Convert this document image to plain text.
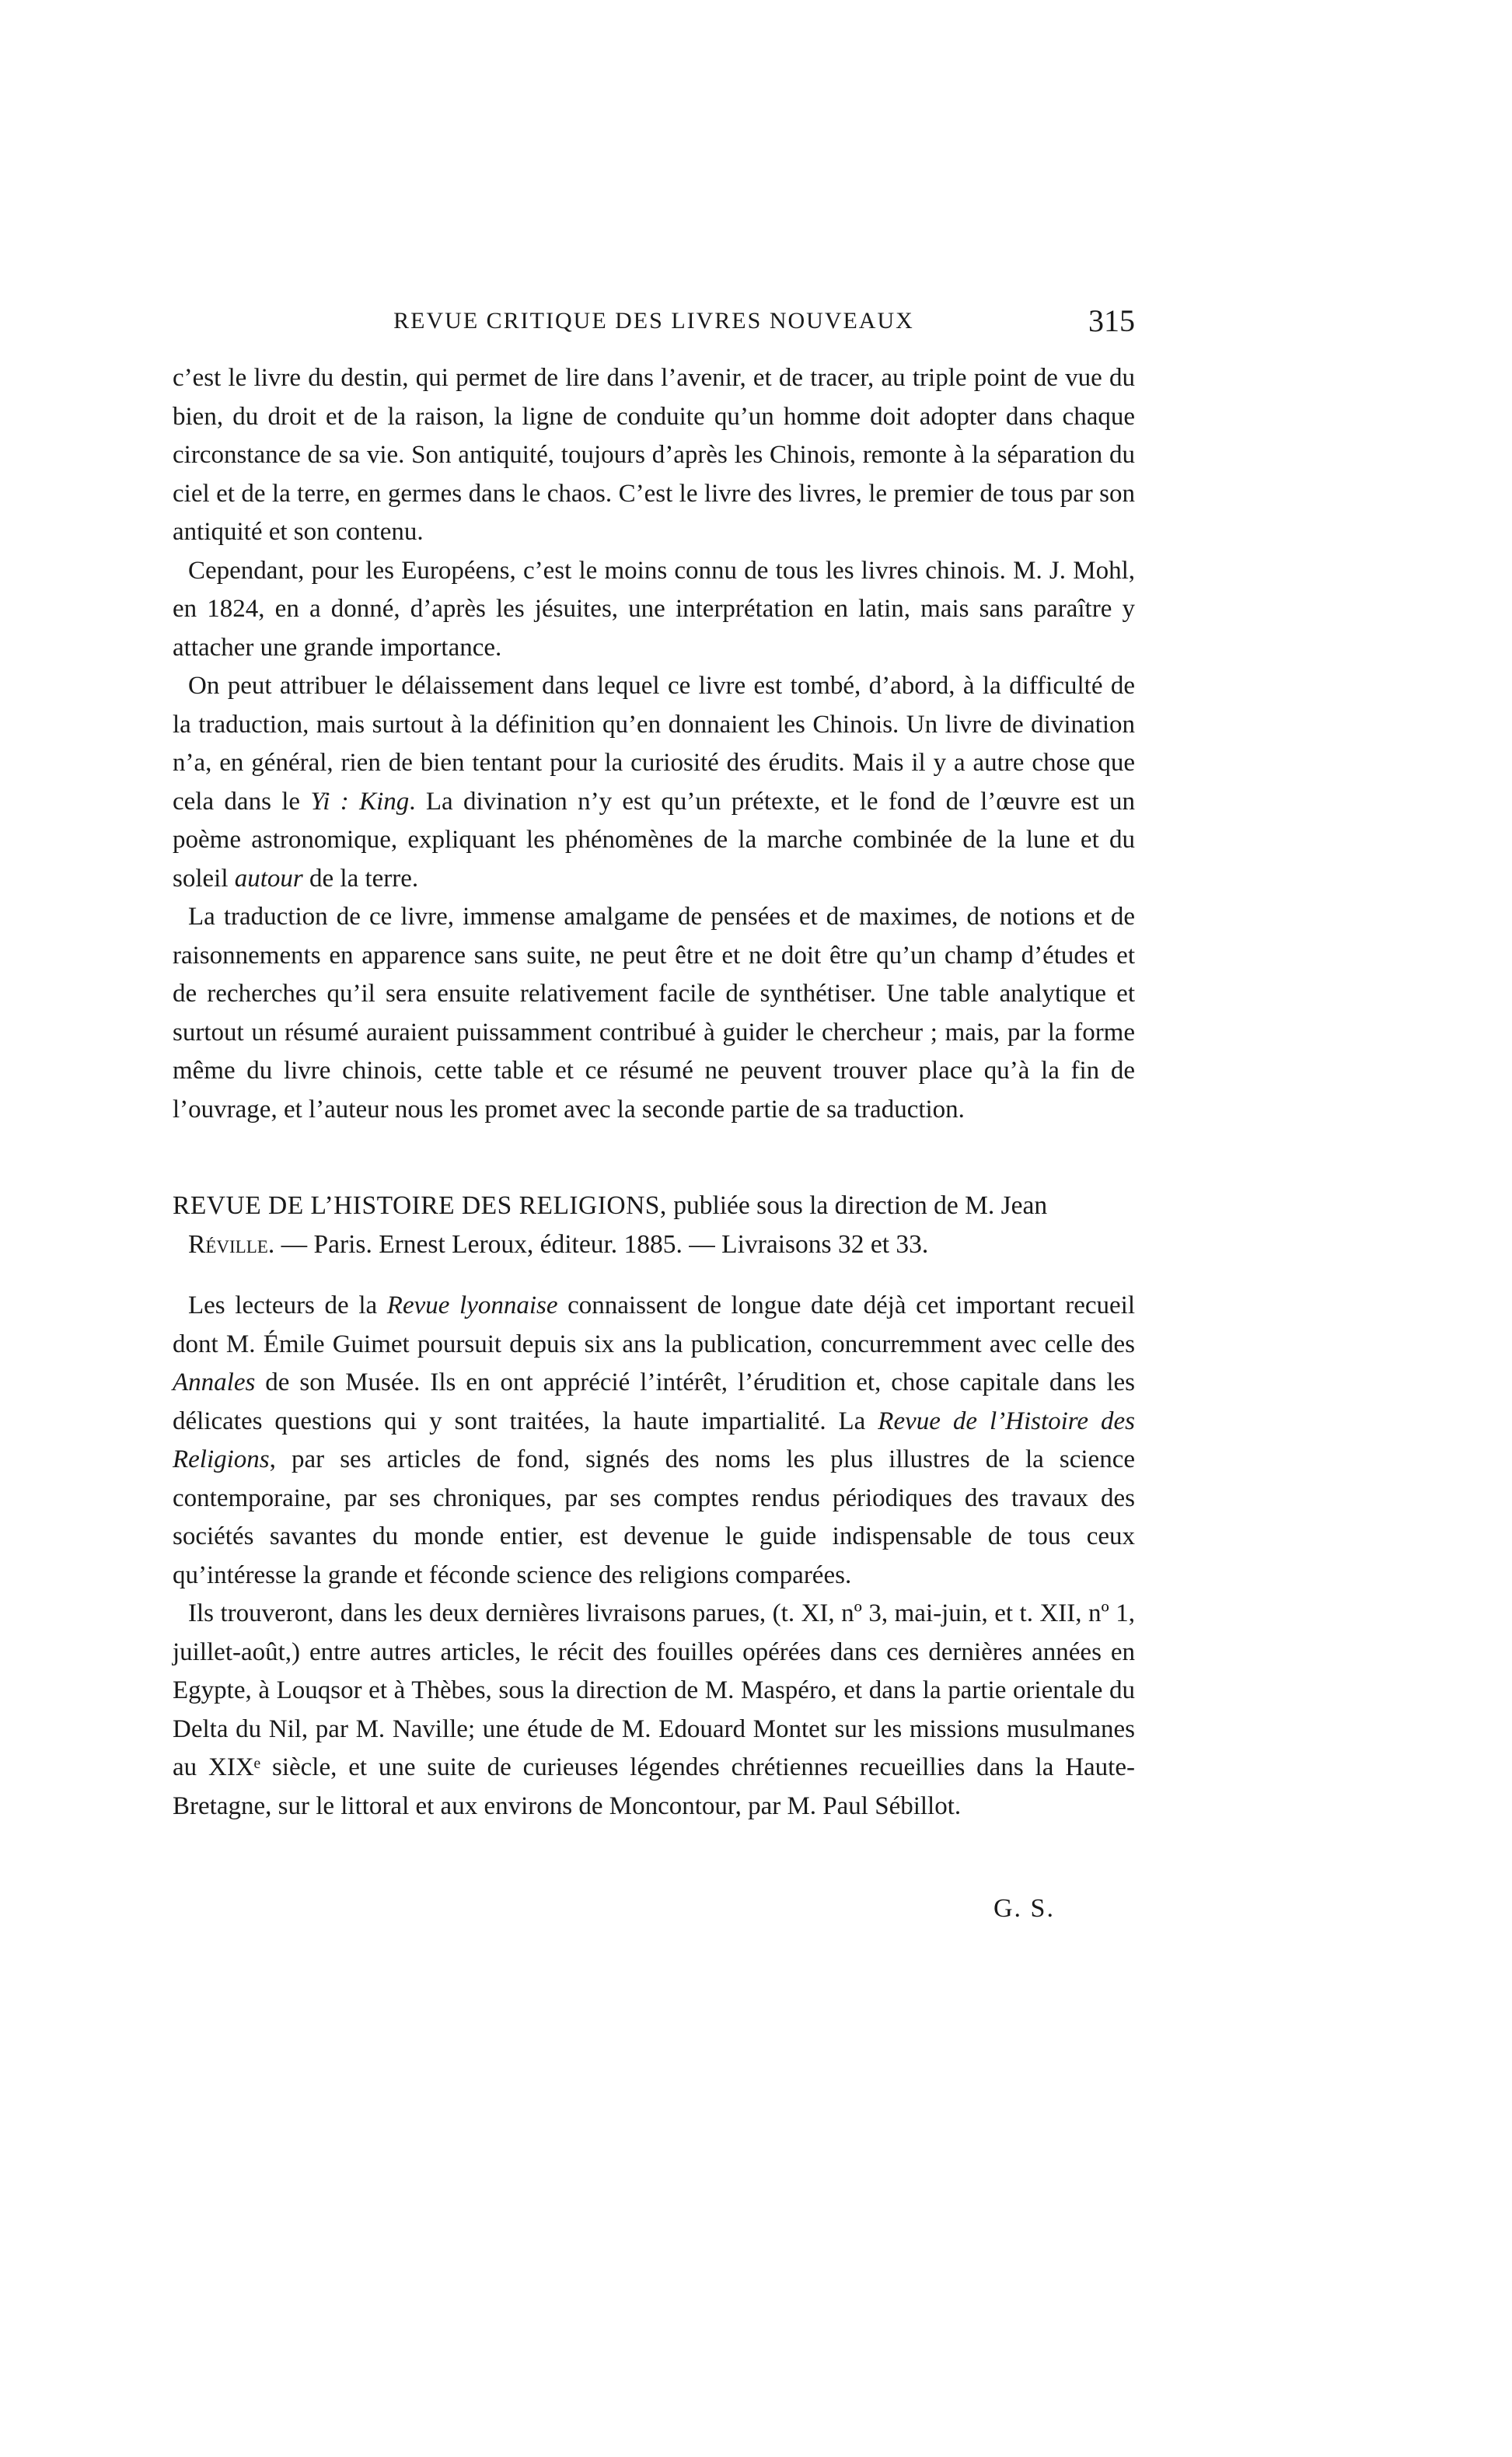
REVUE CRITIQUE DES LIVRES NOUVEAUX	315

c’est le livre du destin, qui permet de lire dans l’avenir, et de tracer, au triple point de vue du bien, du droit et de la raison, la ligne de conduite qu’un homme doit adopter dans chaque circonstance de sa vie. Son antiquité, toujours d’après les Chinois, remonte à la séparation du ciel et de la terre, en germes dans le chaos. C’est le livre des livres, le premier de tous par son antiquité et son contenu.

Cependant, pour les Européens, c’est le moins connu de tous les livres chinois. M. J. Mohl, en 1824, en a donné, d’après les jésuites, une interprétation en latin, mais sans paraître y attacher une grande importance.

On peut attribuer le délaissement dans lequel ce livre est tombé, d’abord, à la difficulté de la traduction, mais surtout à la définition qu’en donnaient les Chinois. Un livre de divination n’a, en général, rien de bien tentant pour la curiosité des érudits. Mais il y a autre chose que cela dans le Yi : King. La divination n’y est qu’un prétexte, et le fond de l’œuvre est un poème astronomique, expliquant les phénomènes de la marche combinée de la lune et du soleil autour de la terre.

La traduction de ce livre, immense amalgame de pensées et de maximes, de notions et de raisonnements en apparence sans suite, ne peut être et ne doit être qu’un champ d’études et de recherches qu’il sera ensuite relativement facile de synthétiser. Une table analytique et surtout un résumé auraient puissamment contribué à guider le chercheur ; mais, par la forme même du livre chinois, cette table et ce résumé ne peuvent trouver place qu’à la fin de l’ouvrage, et l’auteur nous les promet avec la seconde partie de sa traduction.

REVUE DE L’HISTOIRE DES RELIGIONS, publiée sous la direction de M. Jean
Réville. — Paris. Ernest Leroux, éditeur. 1885. — Livraisons 32 et 33.

Les lecteurs de la Revue lyonnaise connaissent de longue date déjà cet important recueil dont M. Émile Guimet poursuit depuis six ans la publication, concurremment avec celle des Annales de son Musée. Ils en ont apprécié l’intérêt, l’érudition et, chose capitale dans les délicates questions qui y sont traitées, la haute impartialité. La Revue de l’Histoire des Religions, par ses articles de fond, signés des noms les plus illustres de la science contemporaine, par ses chroniques, par ses comptes rendus périodiques des travaux des sociétés savantes du monde entier, est devenue le guide indispensable de tous ceux qu’intéresse la grande et féconde science des religions comparées.

Ils trouveront, dans les deux dernières livraisons parues, (t. XI, nº 3, mai-juin, et t. XII, nº 1, juillet-août,) entre autres articles, le récit des fouilles opérées dans ces dernières années en Egypte, à Louqsor et à Thèbes, sous la direction de M. Maspéro, et dans la partie orientale du Delta du Nil, par M. Naville; une étude de M. Edouard Montet sur les missions musulmanes au XIXᵉ siècle, et une suite de curieuses légendes chrétiennes recueillies dans la Haute-Bretagne, sur le littoral et aux environs de Moncontour, par M. Paul Sébillot.

G. S.
